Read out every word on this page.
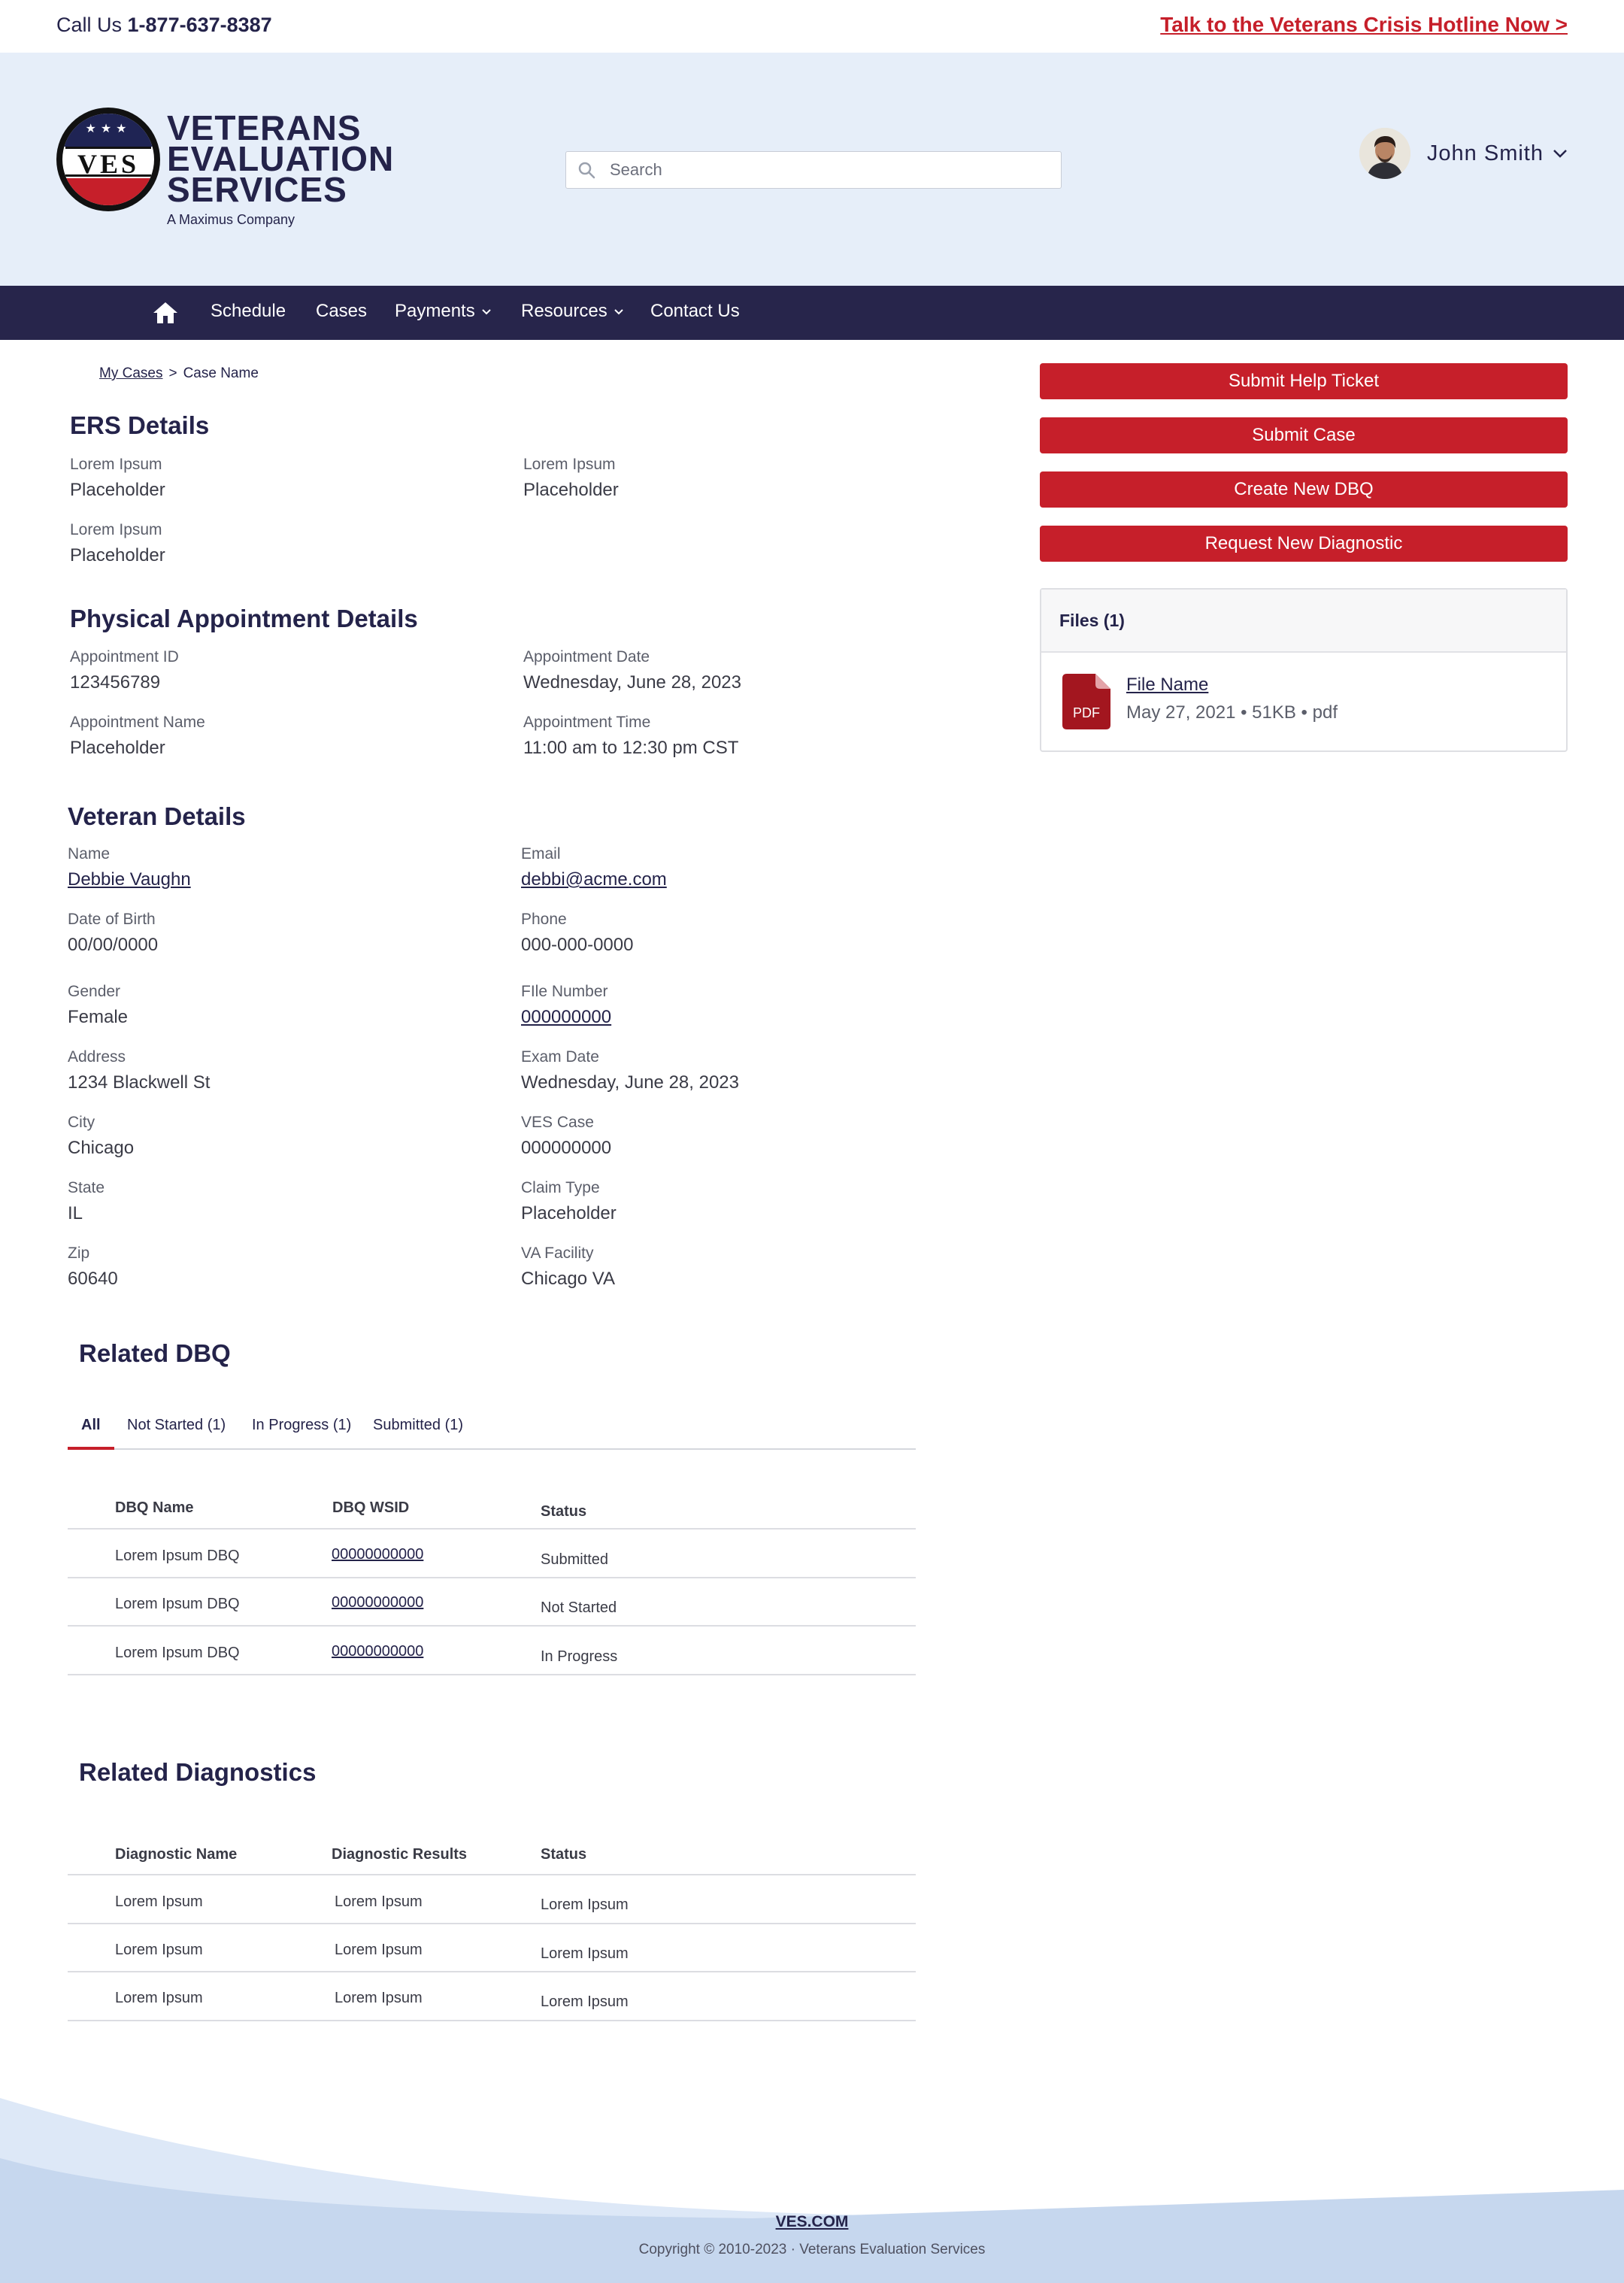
Call Us 1-877-637-8387	Talk to the Veterans Crisis Hotline Now >
★★★
VES
VETERANS
EVALUATION
SERVICES
A Maximus Company
Search
John Smith
Schedule Cases Payments	Resources	Contact Us
My Cases > Case Name
ERS Details
Lorem Ipsum
Placeholder
Lorem Ipsum
Placeholder
Lorem Ipsum
Placeholder
Physical Appointment Details
Appointment ID
123456789
Appointment Date
Wednesday, June 28, 2023
Appointment Name
Placeholder
Appointment Time
11:00 am to 12:30 pm CST
Veteran Details
Name
Debbie Vaughn
Email
debbi@acme.com
Date of Birth
00/00/0000
Phone
000-000-0000
Gender
Female
FIle Number
000000000
Address
1234 Blackwell St
Exam Date
Wednesday, June 28, 2023
City
Chicago
VES Case
000000000
State
IL
Claim Type
Placeholder
Zip
60640
VA Facility
Chicago VA
Submit Help Ticket
Submit Case
Create New DBQ
Request New Diagnostic
Files (1)
PDF
File Name
May 27, 2021 • 51KB • pdf
Related DBQ
All Not Started (1) In Progress (1) Submitted (1)
DBQ Name	DBQ WSID	Status
Lorem Ipsum DBQ	00000000000	Submitted
Lorem Ipsum DBQ	00000000000	Not Started
Lorem Ipsum DBQ	00000000000	In Progress
Related Diagnostics
Diagnostic Name	Diagnostic Results	Status
Lorem Ipsum	Lorem Ipsum	Lorem Ipsum
Lorem Ipsum	Lorem Ipsum	Lorem Ipsum
Lorem Ipsum	Lorem Ipsum	Lorem Ipsum
VES.COM
Copyright © 2010-2023 · Veterans Evaluation Services
